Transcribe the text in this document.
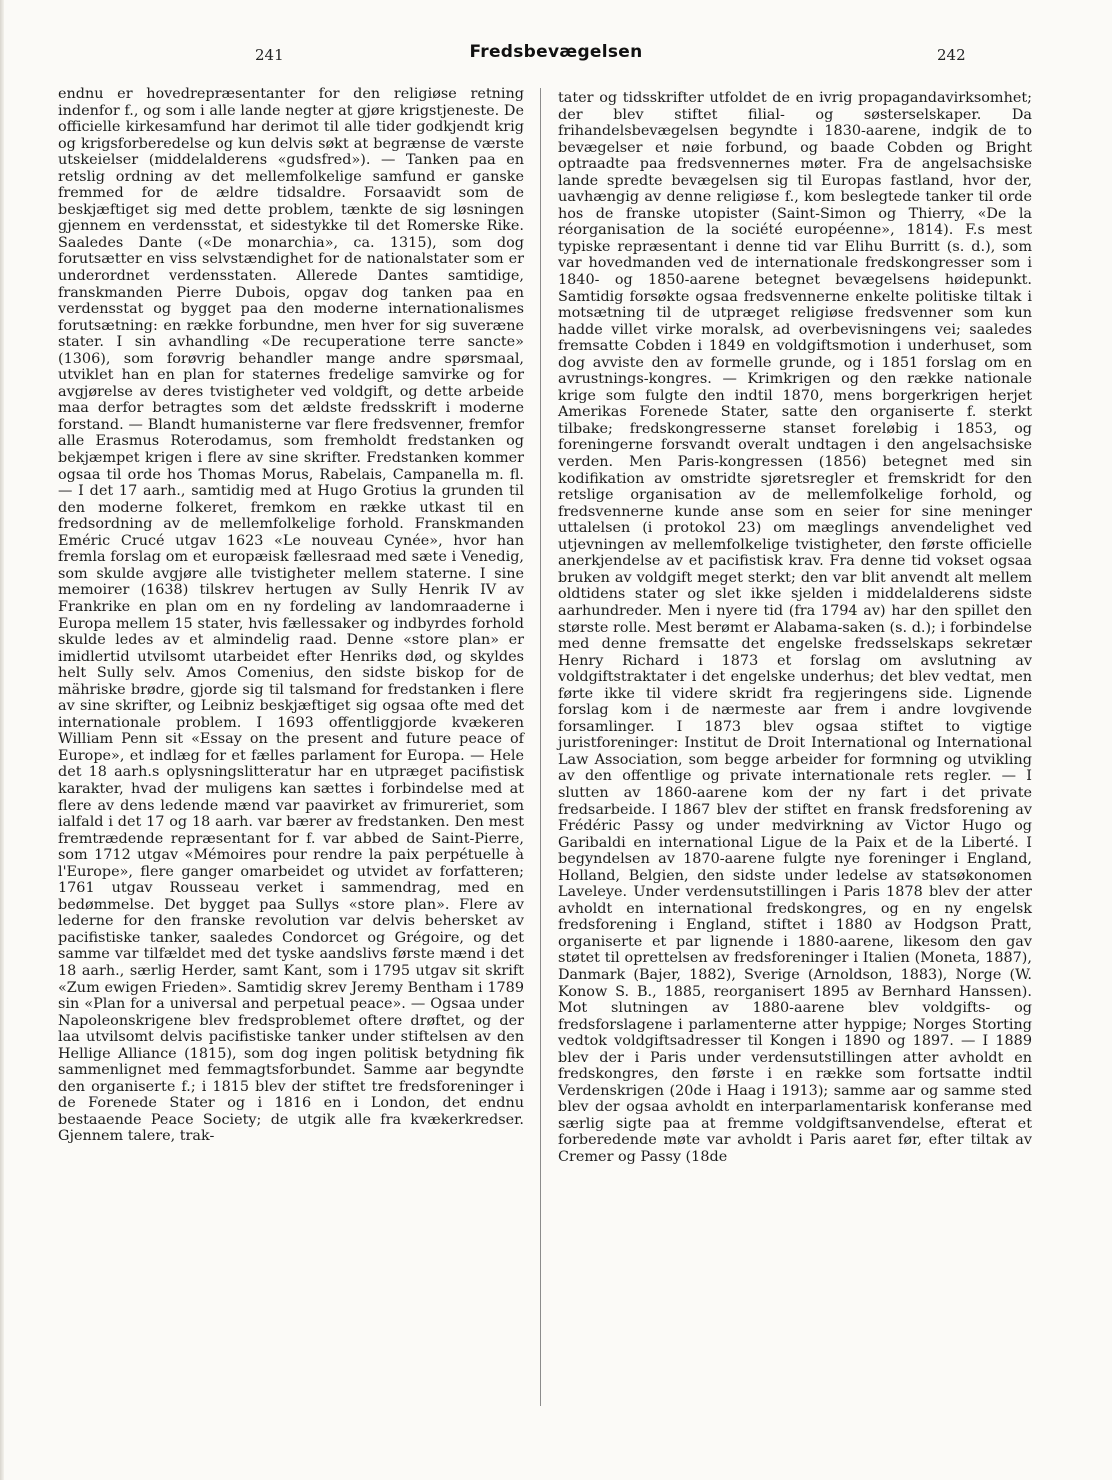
241	Fredsbevægelsen	242

endnu er hovedrepræsentanter for den religiøse retning indenfor f., og som i alle lande negter at gjøre krigstjeneste. De officielle kirkesamfund har derimot til alle tider godkjendt krig og krigsforberedelse og kun delvis søkt at begrænse de værste utskeielser (middelalderens «gudsfred»). — Tanken paa en retslig ordning av det mellemfolkelige samfund er ganske fremmed for de ældre tidsaldre. Forsaavidt som de beskjæftiget sig med dette problem, tænkte de sig løsningen gjennem en verdensstat, et sidestykke til det Romerske Rike. Saaledes Dante («De monarchia», ca. 1315), som dog forutsætter en viss selvstændighet for de nationalstater som er underordnet verdensstaten. Allerede Dantes samtidige, franskmanden Pierre Dubois, opgav dog tanken paa en verdensstat og bygget paa den moderne internationalismes forutsætning: en række forbundne, men hver for sig suveræne stater. I sin avhandling «De recuperatione terre sancte» (1306), som forøvrig behandler mange andre spørsmaal, utviklet han en plan for staternes fredelige samvirke og for avgjørelse av deres tvistigheter ved voldgift, og dette arbeide maa derfor betragtes som det ældste fredsskrift i moderne forstand. — Blandt humanisterne var flere fredsvenner, fremfor alle Erasmus Roterodamus, som fremholdt fredstanken og bekjæmpet krigen i flere av sine skrifter. Fredstanken kommer ogsaa til orde hos Thomas Morus, Rabelais, Campanella m. fl. — I det 17 aarh., samtidig med at Hugo Grotius la grunden til den moderne folkeret, fremkom en række utkast til en fredsordning av de mellemfolkelige forhold. Franskmanden Eméric Crucé utgav 1623 «Le nouveau Cynée», hvor han fremla forslag om et europæisk fællesraad med sæte i Venedig, som skulde avgjøre alle tvistigheter mellem staterne. I sine memoirer (1638) tilskrev hertugen av Sully Henrik IV av Frankrike en plan om en ny fordeling av landomraaderne i Europa mellem 15 stater, hvis fællessaker og indbyrdes forhold skulde ledes av et almindelig raad. Denne «store plan» er imidlertid utvilsomt utarbeidet efter Henriks død, og skyldes helt Sully selv. Amos Comenius, den sidste biskop for de mähriske brødre, gjorde sig til talsmand for fredstanken i flere av sine skrifter, og Leibniz beskjæftiget sig ogsaa ofte med det internationale problem. I 1693 offentliggjorde kvækeren William Penn sit «Essay on the present and future peace of Europe», et indlæg for et fælles parlament for Europa. — Hele det 18 aarh.s oplysningslitteratur har en utpræget pacifistisk karakter, hvad der muligens kan sættes i forbindelse med at flere av dens ledende mænd var paavirket av frimureriet, som ialfald i det 17 og 18 aarh. var bærer av fredstanken. Den mest fremtrædende repræsentant for f. var abbed de Saint-Pierre, som 1712 utgav «Mémoires pour rendre la paix perpétuelle à l'Europe», flere ganger omarbeidet og utvidet av forfatteren; 1761 utgav Rousseau verket i sammendrag, med en bedømmelse. Det bygget paa Sullys «store plan». Flere av lederne for den franske revolution var delvis behersket av pacifistiske tanker, saaledes Condorcet og Grégoire, og det samme var tilfældet med det tyske aandslivs første mænd i det 18 aarh., særlig Herder, samt Kant, som i 1795 utgav sit skrift «Zum ewigen Frieden». Samtidig skrev Jeremy Bentham i 1789 sin «Plan for a universal and perpetual peace». — Ogsaa under Napoleonskrigene blev fredsproblemet oftere drøftet, og der laa utvilsomt delvis pacifistiske tanker under stiftelsen av den Hellige Alliance (1815), som dog ingen politisk betydning fik sammenlignet med femmagtsforbundet. Samme aar begyndte den organiserte f.; i 1815 blev der stiftet tre fredsforeninger i de Forenede Stater og i 1816 en i London, det endnu bestaaende Peace Society; de utgik alle fra kvækerkredser. Gjennem talere, trak-

tater og tidsskrifter utfoldet de en ivrig propagandavirksomhet; der blev stiftet filial- og søsterselskaper. Da frihandelsbevægelsen begyndte i 1830-aarene, indgik de to bevægelser et nøie forbund, og baade Cobden og Bright optraadte paa fredsvennernes møter. Fra de angelsachsiske lande spredte bevægelsen sig til Europas fastland, hvor der, uavhængig av denne religiøse f., kom beslegtede tanker til orde hos de franske utopister (Saint-Simon og Thierry, «De la réorganisation de la société européenne», 1814). F.s mest typiske repræsentant i denne tid var Elihu Burritt (s. d.), som var hovedmanden ved de internationale fredskongresser som i 1840- og 1850-aarene betegnet bevægelsens høidepunkt. Samtidig forsøkte ogsaa fredsvennerne enkelte politiske tiltak i motsætning til de utpræget religiøse fredsvenner som kun hadde villet virke moralsk, ad overbevisningens vei; saaledes fremsatte Cobden i 1849 en voldgiftsmotion i underhuset, som dog avviste den av formelle grunde, og i 1851 forslag om en avrustnings-kongres. — Krimkrigen og den række nationale krige som fulgte den indtil 1870, mens borgerkrigen herjet Amerikas Forenede Stater, satte den organiserte f. sterkt tilbake; fredskongresserne stanset foreløbig i 1853, og foreningerne forsvandt overalt undtagen i den angelsachsiske verden. Men Paris-kongressen (1856) betegnet med sin kodifikation av omstridte sjøretsregler et fremskridt for den retslige organisation av de mellemfolkelige forhold, og fredsvennerne kunde anse som en seier for sine meninger uttalelsen (i protokol 23) om mæglings anvendelighet ved utjevningen av mellemfolkelige tvistigheter, den første officielle anerkjendelse av et pacifistisk krav. Fra denne tid vokset ogsaa bruken av voldgift meget sterkt; den var blit anvendt alt mellem oldtidens stater og slet ikke sjelden i middelalderens sidste aarhundreder. Men i nyere tid (fra 1794 av) har den spillet den største rolle. Mest berømt er Alabama-saken (s. d.); i forbindelse med denne fremsatte det engelske fredsselskaps sekretær Henry Richard i 1873 et forslag om avslutning av voldgiftstraktater i det engelske underhus; det blev vedtat, men førte ikke til videre skridt fra regjeringens side. Lignende forslag kom i de nærmeste aar frem i andre lovgivende forsamlinger. I 1873 blev ogsaa stiftet to vigtige juristforeninger: Institut de Droit International og International Law Association, som begge arbeider for formning og utvikling av den offentlige og private internationale rets regler. — I slutten av 1860-aarene kom der ny fart i det private fredsarbeide. I 1867 blev der stiftet en fransk fredsforening av Frédéric Passy og under medvirkning av Victor Hugo og Garibaldi en international Ligue de la Paix et de la Liberté. I begyndelsen av 1870-aarene fulgte nye foreninger i England, Holland, Belgien, den sidste under ledelse av statsøkonomen Laveleye. Under verdensutstillingen i Paris 1878 blev der atter avholdt en international fredskongres, og en ny engelsk fredsforening i England, stiftet i 1880 av Hodgson Pratt, organiserte et par lignende i 1880-aarene, likesom den gav støtet til oprettelsen av fredsforeninger i Italien (Moneta, 1887), Danmark (Bajer, 1882), Sverige (Arnoldson, 1883), Norge (W. Konow S. B., 1885, reorganisert 1895 av Bernhard Hanssen). Mot slutningen av 1880-aarene blev voldgifts- og fredsforslagene i parlamenterne atter hyppige; Norges Storting vedtok voldgiftsadresser til Kongen i 1890 og 1897. — I 1889 blev der i Paris under verdensutstillingen atter avholdt en fredskongres, den første i en række som fortsatte indtil Verdenskrigen (20de i Haag i 1913); samme aar og samme sted blev der ogsaa avholdt en interparlamentarisk konferanse med særlig sigte paa at fremme voldgiftsanvendelse, efterat et forberedende møte var avholdt i Paris aaret før, efter tiltak av Cremer og Passy (18de
